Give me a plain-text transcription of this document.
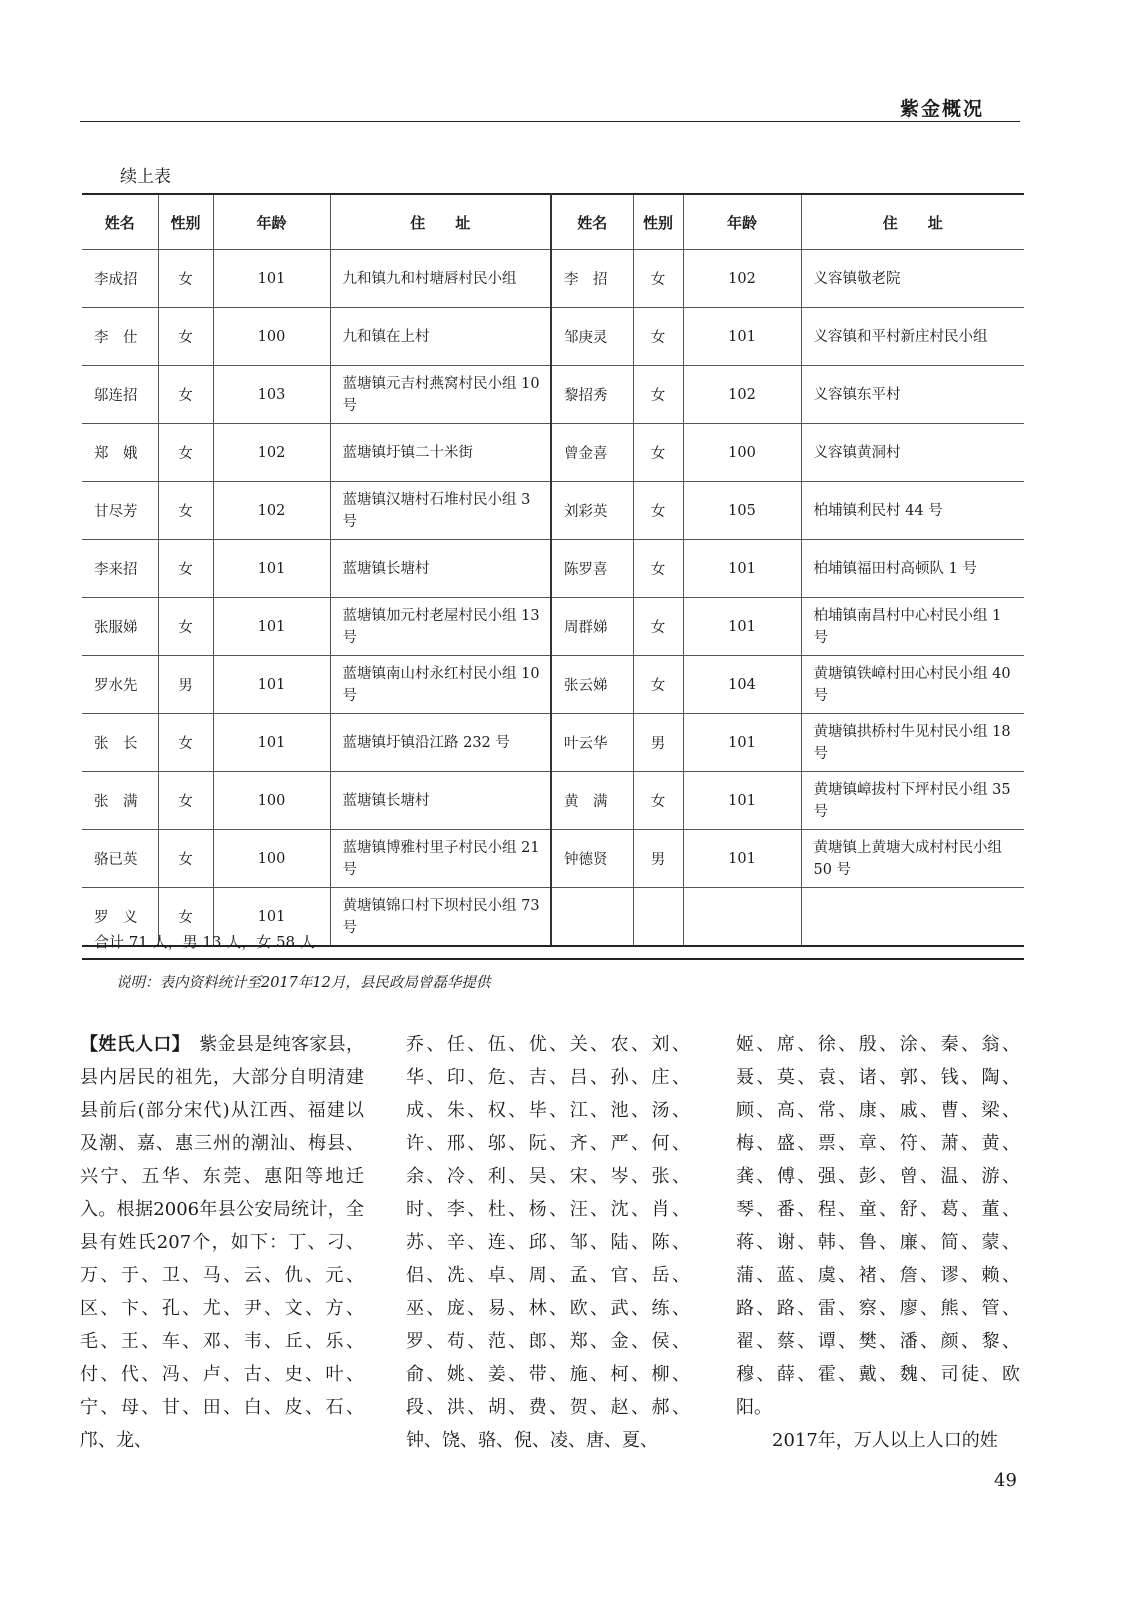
紫金概况
续上表
姓名	性别	年龄	住　　址	姓名	性别	年龄	住　　址
李成招	女	101	九和镇九和村塘唇村民小组	李　招	女	102	义容镇敬老院
李　仕	女	100	九和镇在上村	邹庚灵	女	101	义容镇和平村新庄村民小组
邬连招	女	103	蓝塘镇元吉村燕窝村民小组 10 号	黎招秀	女	102	义容镇东平村
郑　娥	女	102	蓝塘镇圩镇二十米街	曾金喜	女	100	义容镇黄洞村
甘尽芳	女	102	蓝塘镇汉塘村石堆村民小组 3 号	刘彩英	女	105	柏埔镇利民村 44 号
李来招	女	101	蓝塘镇长塘村	陈罗喜	女	101	柏埔镇福田村高顿队 1 号
张服娣	女	101	蓝塘镇加元村老屋村民小组 13 号	周群娣	女	101	柏埔镇南昌村中心村民小组 1号
罗水先	男	101	蓝塘镇南山村永红村民小组 10 号	张云娣	女	104	黄塘镇铁嶂村田心村民小组 40号
张　长	女	101	蓝塘镇圩镇沿江路 232 号	叶云华	男	101	黄塘镇拱桥村牛见村民小组 18 号
张　满	女	100	蓝塘镇长塘村	黄　满	女	101	黄塘镇嶂拔村下坪村民小组 35 号
骆已英	女	100	蓝塘镇博雅村里子村民小组 21 号	钟德贤	男	101	黄塘镇上黄塘大成村村民小组 50 号
罗　义	女	101	黄塘镇锦口村下坝村民小组 73 号				
合计 71 人，男 13 人，女 58 人
说明：表内资料统计至2017年12月，县民政局曾磊华提供

【姓氏人口】　 紫金县是纯客家县，县内居民的祖先，大部分自明清建县前后(部分宋代)从江西、福建以及潮、嘉、惠三州的潮汕、梅县、兴宁、五华、东莞、惠阳等地迁入。根据2006年县公安局统计，全县有姓氏207个，如下：丁、刁、万、于、卫、马、云、仇、元、区、卞、孔、尤、尹、文、方、毛、王、车、邓、韦、丘、乐、付、代、冯、卢、古、史、叶、宁、母、甘、田、白、皮、石、邝、龙、

乔、任、伍、优、关、农、刘、华、印、危、吉、吕、孙、庄、成、朱、权、毕、江、池、汤、许、邢、邬、阮、齐、严、何、余、冷、利、吴、宋、岑、张、时、李、杜、杨、汪、沈、肖、苏、辛、连、邱、邹、陆、陈、侣、冼、卓、周、孟、官、岳、巫、庞、易、林、欧、武、练、罗、苟、范、郎、郑、金、侯、俞、姚、姜、带、施、柯、柳、段、洪、胡、费、贺、赵、郝、钟、饶、骆、倪、凌、唐、夏、

姬、席、徐、殷、涂、秦、翁、聂、莫、袁、诸、郭、钱、陶、顾、高、常、康、戚、曹、梁、梅、盛、票、章、符、萧、黄、龚、傅、强、彭、曾、温、游、琴、番、程、童、舒、葛、董、蒋、谢、韩、鲁、廉、简、蒙、蒲、蓝、虞、褚、詹、谬、赖、路、路、雷、察、廖、熊、管、翟、蔡、谭、樊、潘、颜、黎、穆、薛、霍、戴、魏、司徒、欧阳。

2017年，万人以上人口的姓

49
